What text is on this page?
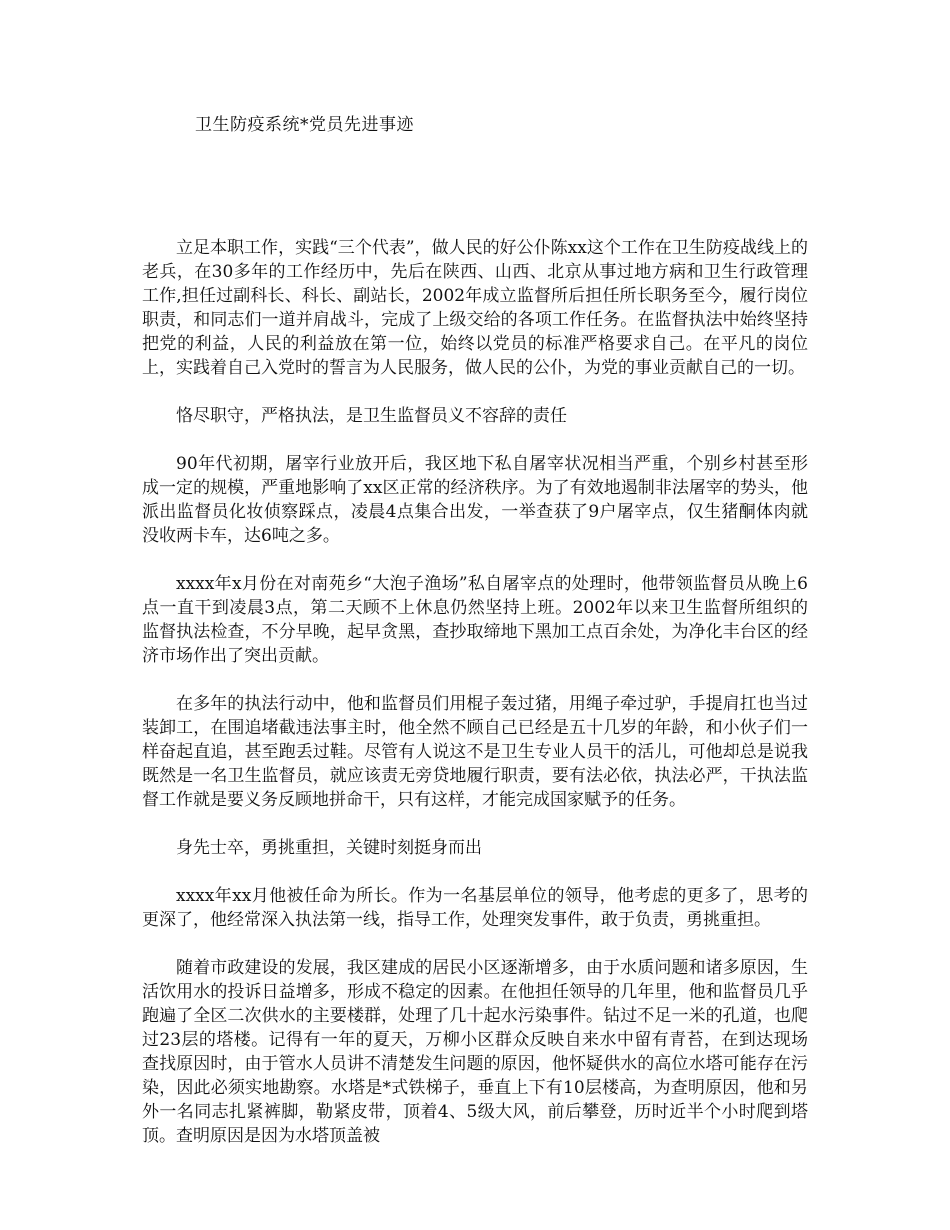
卫生防疫系统*党员先进事迹

立足本职工作，实践“三个代表”，做人民的好公仆陈xx这个工作在卫生防疫战线上的老兵，在30多年的工作经历中，先后在陕西、山西、北京从事过地方病和卫生行政管理工作,担任过副科长、科长、副站长，2002年成立监督所后担任所长职务至今，履行岗位职责，和同志们一道并肩战斗，完成了上级交给的各项工作任务。在监督执法中始终坚持把党的利益，人民的利益放在第一位，始终以党员的标准严格要求自己。在平凡的岗位上，实践着自己入党时的誓言为人民服务，做人民的公仆，为党的事业贡献自己的一切。

恪尽职守，严格执法，是卫生监督员义不容辞的责任

90年代初期，屠宰行业放开后，我区地下私自屠宰状况相当严重，个别乡村甚至形成一定的规模，严重地影响了xx区正常的经济秩序。为了有效地遏制非法屠宰的势头，他派出监督员化妆侦察踩点，凌晨4点集合出发，一举查获了9户屠宰点，仅生猪酮体肉就没收两卡车，达6吨之多。

xxxx年x月份在对南苑乡“大泡子渔场”私自屠宰点的处理时，他带领监督员从晚上6点一直干到凌晨3点，第二天顾不上休息仍然坚持上班。2002年以来卫生监督所组织的监督执法检查，不分早晚，起早贪黑，查抄取缔地下黑加工点百余处，为净化丰台区的经济市场作出了突出贡献。

在多年的执法行动中，他和监督员们用棍子轰过猪，用绳子牵过驴，手提肩扛也当过装卸工，在围追堵截违法事主时，他全然不顾自己已经是五十几岁的年龄，和小伙子们一样奋起直追，甚至跑丢过鞋。尽管有人说这不是卫生专业人员干的活儿，可他却总是说我既然是一名卫生监督员，就应该责无旁贷地履行职责，要有法必依，执法必严，干执法监督工作就是要义务反顾地拼命干，只有这样，才能完成国家赋予的任务。

身先士卒，勇挑重担，关键时刻挺身而出

xxxx年xx月他被任命为所长。作为一名基层单位的领导，他考虑的更多了，思考的更深了，他经常深入执法第一线，指导工作，处理突发事件，敢于负责，勇挑重担。

随着市政建设的发展，我区建成的居民小区逐渐增多，由于水质问题和诸多原因，生活饮用水的投诉日益增多，形成不稳定的因素。在他担任领导的几年里，他和监督员几乎跑遍了全区二次供水的主要楼群，处理了几十起水污染事件。钻过不足一米的孔道，也爬过23层的塔楼。记得有一年的夏天，万柳小区群众反映自来水中留有青苔，在到达现场查找原因时，由于管水人员讲不清楚发生问题的原因，他怀疑供水的高位水塔可能存在污染，因此必须实地勘察。水塔是*式铁梯子，垂直上下有10层楼高，为查明原因，他和另外一名同志扎紧裤脚，勒紧皮带，顶着4、5级大风，前后攀登，历时近半个小时爬到塔顶。查明原因是因为水塔顶盖被
